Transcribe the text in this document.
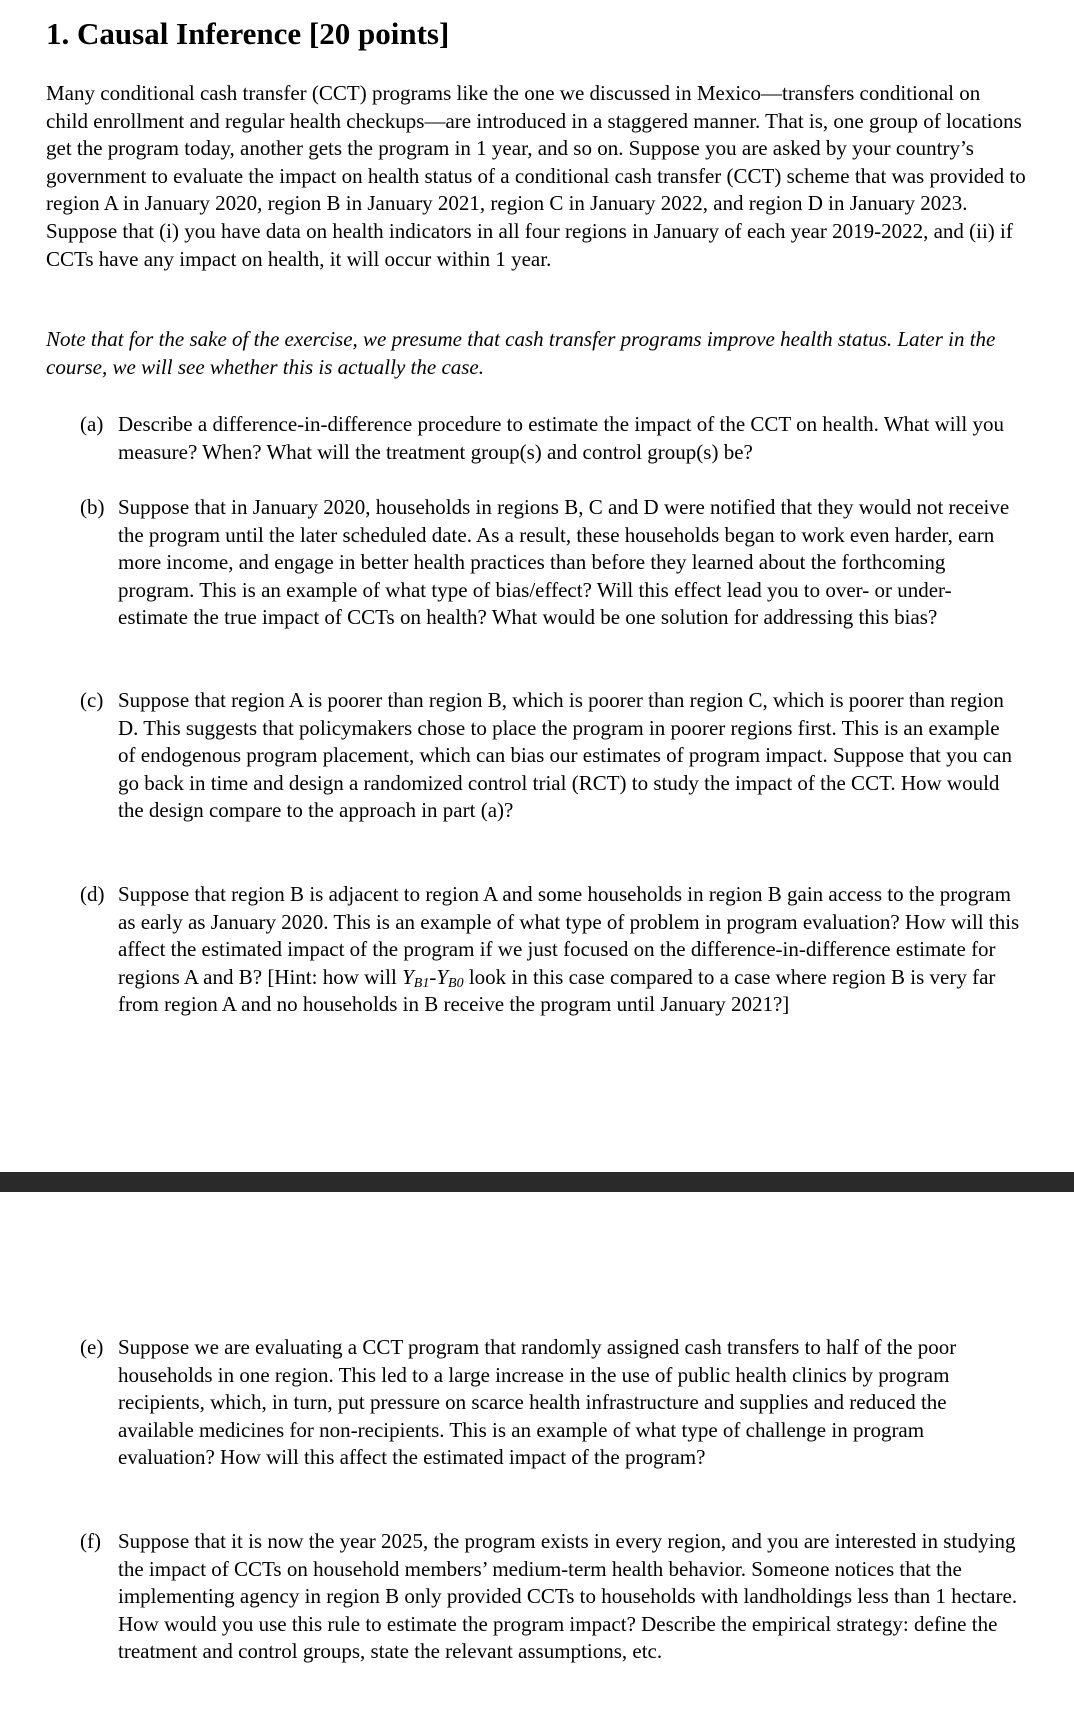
1. Causal Inference [20 points]

Many conditional cash transfer (CCT) programs like the one we discussed in Mexico—transfers conditional on child enrollment and regular health checkups—are introduced in a staggered manner. That is, one group of locations get the program today, another gets the program in 1 year, and so on. Suppose you are asked by your country’s government to evaluate the impact on health status of a conditional cash transfer (CCT) scheme that was provided to region A in January 2020, region B in January 2021, region C in January 2022, and region D in January 2023. Suppose that (i) you have data on health indicators in all four regions in January of each year 2019-2022, and (ii) if CCTs have any impact on health, it will occur within 1 year.

Note that for the sake of the exercise, we presume that cash transfer programs improve health status. Later in the course, we will see whether this is actually the case.

(a) Describe a difference-in-difference procedure to estimate the impact of the CCT on health. What will you measure? When? What will the treatment group(s) and control group(s) be?

(b) Suppose that in January 2020, households in regions B, C and D were notified that they would not receive the program until the later scheduled date. As a result, these households began to work even harder, earn more income, and engage in better health practices than before they learned about the forthcoming program. This is an example of what type of bias/effect? Will this effect lead you to over- or under-estimate the true impact of CCTs on health? What would be one solution for addressing this bias?

(c) Suppose that region A is poorer than region B, which is poorer than region C, which is poorer than region D. This suggests that policymakers chose to place the program in poorer regions first. This is an example of endogenous program placement, which can bias our estimates of program impact. Suppose that you can go back in time and design a randomized control trial (RCT) to study the impact of the CCT. How would the design compare to the approach in part (a)?

(d) Suppose that region B is adjacent to region A and some households in region B gain access to the program as early as January 2020. This is an example of what type of problem in program evaluation? How will this affect the estimated impact of the program if we just focused on the difference-in-difference estimate for regions A and B? [Hint: how will $Y_{B1}-Y_{B0}$ look in this case compared to a case where region B is very far from region A and no households in B receive the program until January 2021?]

(e) Suppose we are evaluating a CCT program that randomly assigned cash transfers to half of the poor households in one region. This led to a large increase in the use of public health clinics by program recipients, which, in turn, put pressure on scarce health infrastructure and supplies and reduced the available medicines for non-recipients. This is an example of what type of challenge in program evaluation? How will this affect the estimated impact of the program?

(f) Suppose that it is now the year 2025, the program exists in every region, and you are interested in studying the impact of CCTs on household members’ medium-term health behavior. Someone notices that the implementing agency in region B only provided CCTs to households with landholdings less than 1 hectare. How would you use this rule to estimate the program impact? Describe the empirical strategy: define the treatment and control groups, state the relevant assumptions, etc.
